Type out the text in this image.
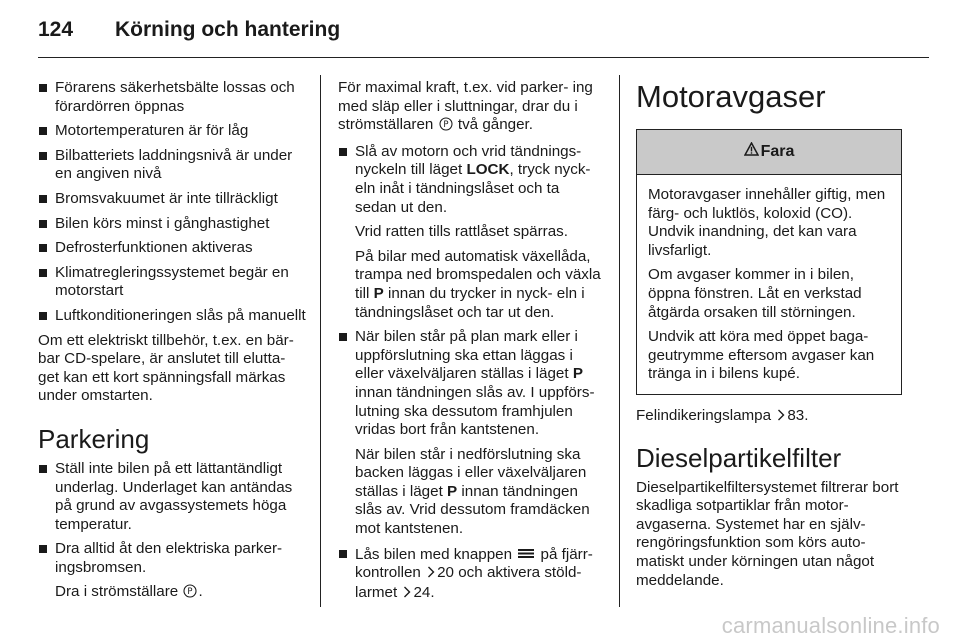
124	Körning och hantering
Förarens säkerhetsbälte lossas och förardörren öppnas
Motortemperaturen är för låg
Bilbatteriets laddningsnivå är under en angiven nivå
Bromsvakuumet är inte tillräckligt
Bilen körs minst i gånghastighet
Defrosterfunktionen aktiveras
Klimatregleringssystemet begär en motorstart
Luftkonditioneringen slås på manuellt

Om ett elektriskt tillbehör, t.ex. en bär- bar CD-spelare, är anslutet till elutta- get kan ett kort spänningsfall märkas under omstarten.

Parkering
Ställ inte bilen på ett lättantändligt underlag. Underlaget kan antändas på grund av avgassystemets höga temperatur.
Dra alltid åt den elektriska parker- ingsbromsen.

Dra i strömställare P .

För maximal kraft, t.ex. vid parker- ing med släp eller i sluttningar, drar du i strömställaren P två gånger.

Slå av motorn och vrid tändnings- nyckeln till läget LOCK, tryck nyck- eln inåt i tändningslåset och ta sedan ut den.

Vrid ratten tills rattlåset spärras.

På bilar med automatisk växellåda, trampa ned bromspedalen och växla till P innan du trycker in nyck- eln i tändningslåset och tar ut den.

När bilen står på plan mark eller i uppförslutning ska ettan läggas i eller växelväljaren ställas i läget P innan tändningen slås av. I uppförs- lutning ska dessutom framhjulen vridas bort från kantstenen.

När bilen står i nedförslutning ska backen läggas i eller växelväljaren ställas i läget P innan tändningen slås av. Vrid dessutom framdäcken mot kantstenen.

Lås bilen med knappen på fjärr- kontrollen 20 och aktivera stöld- larmet 24.
Motoravgaser
Fara

Motoravgaser innehåller giftig, men färg- och luktlös, koloxid (CO). Undvik inandning, det kan vara livsfarligt.

Om avgaser kommer in i bilen, öppna fönstren. Låt en verkstad åtgärda orsaken till störningen.

Undvik att köra med öppet baga- geutrymme eftersom avgaser kan tränga in i bilens kupé.

Felindikeringslampa 83.

Dieselpartikelfilter

Dieselpartikelfiltersystemet filtrerar bort skadliga sotpartiklar från motor- avgaserna. Systemet har en själv- rengöringsfunktion som körs auto- matiskt under körningen utan något meddelande.

carmanualsonline.info
